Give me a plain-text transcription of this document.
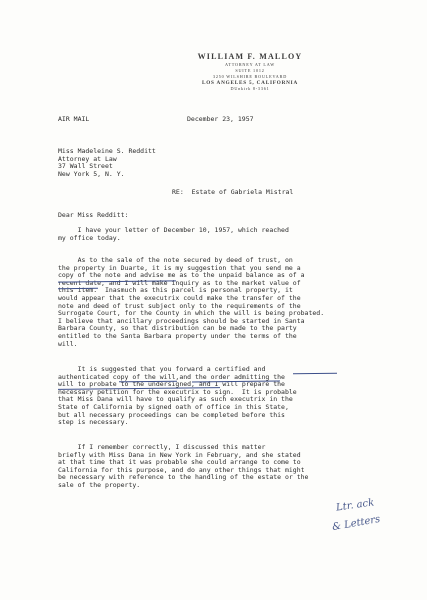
WILLIAM F. MALLOY
ATTORNEY AT LAW
SUITE 1012
3250 WILSHIRE BOULEVARD
LOS ANGELES 5, CALIFORNIA
DUnkirk 8-3361
AIR MAIL	December 23, 1957
Miss Madeleine S. Redditt
Attorney at Law
37 Wall Street
New York 5, N. Y.
RE:  Estate of Gabriela Mistral
Dear Miss Redditt:
I have your letter of December 10, 1957, which reached
my office today.
As to the sale of the note secured by deed of trust, on
the property in Duarte, it is my suggestion that you send me a
copy of the note and advise me as to the unpaid balance as of a
recent date, and I will make inquiry as to the market value of
this item.  Inasmuch as this parcel is personal property, it
would appear that the executrix could make the transfer of the
note and deed of trust subject only to the requirements of the
Surrogate Court, for the County in which the will is being probated.
I believe that ancillary proceedings should be started in Santa
Barbara County, so that distribution can be made to the party
entitled to the Santa Barbara property under the terms of the
will.
It is suggested that you forward a certified and
authenticated copy of the will,and the order admitting the
will to probate to the undersigned, and I will prepare the
necessary petition for the executrix to sign.  It is probable
that Miss Dana will have to qualify as such executrix in the
State of California by signed oath of office in this State,
but all necessary proceedings can be completed before this
step is necessary.
If I remember correctly, I discussed this matter
briefly with Miss Dana in New York in February, and she stated
at that time that it was probable she could arrange to come to
California for this purpose, and do any other things that might
be necessary with reference to the handling of the estate or the
sale of the property.
Ltr. ack
& Letters
